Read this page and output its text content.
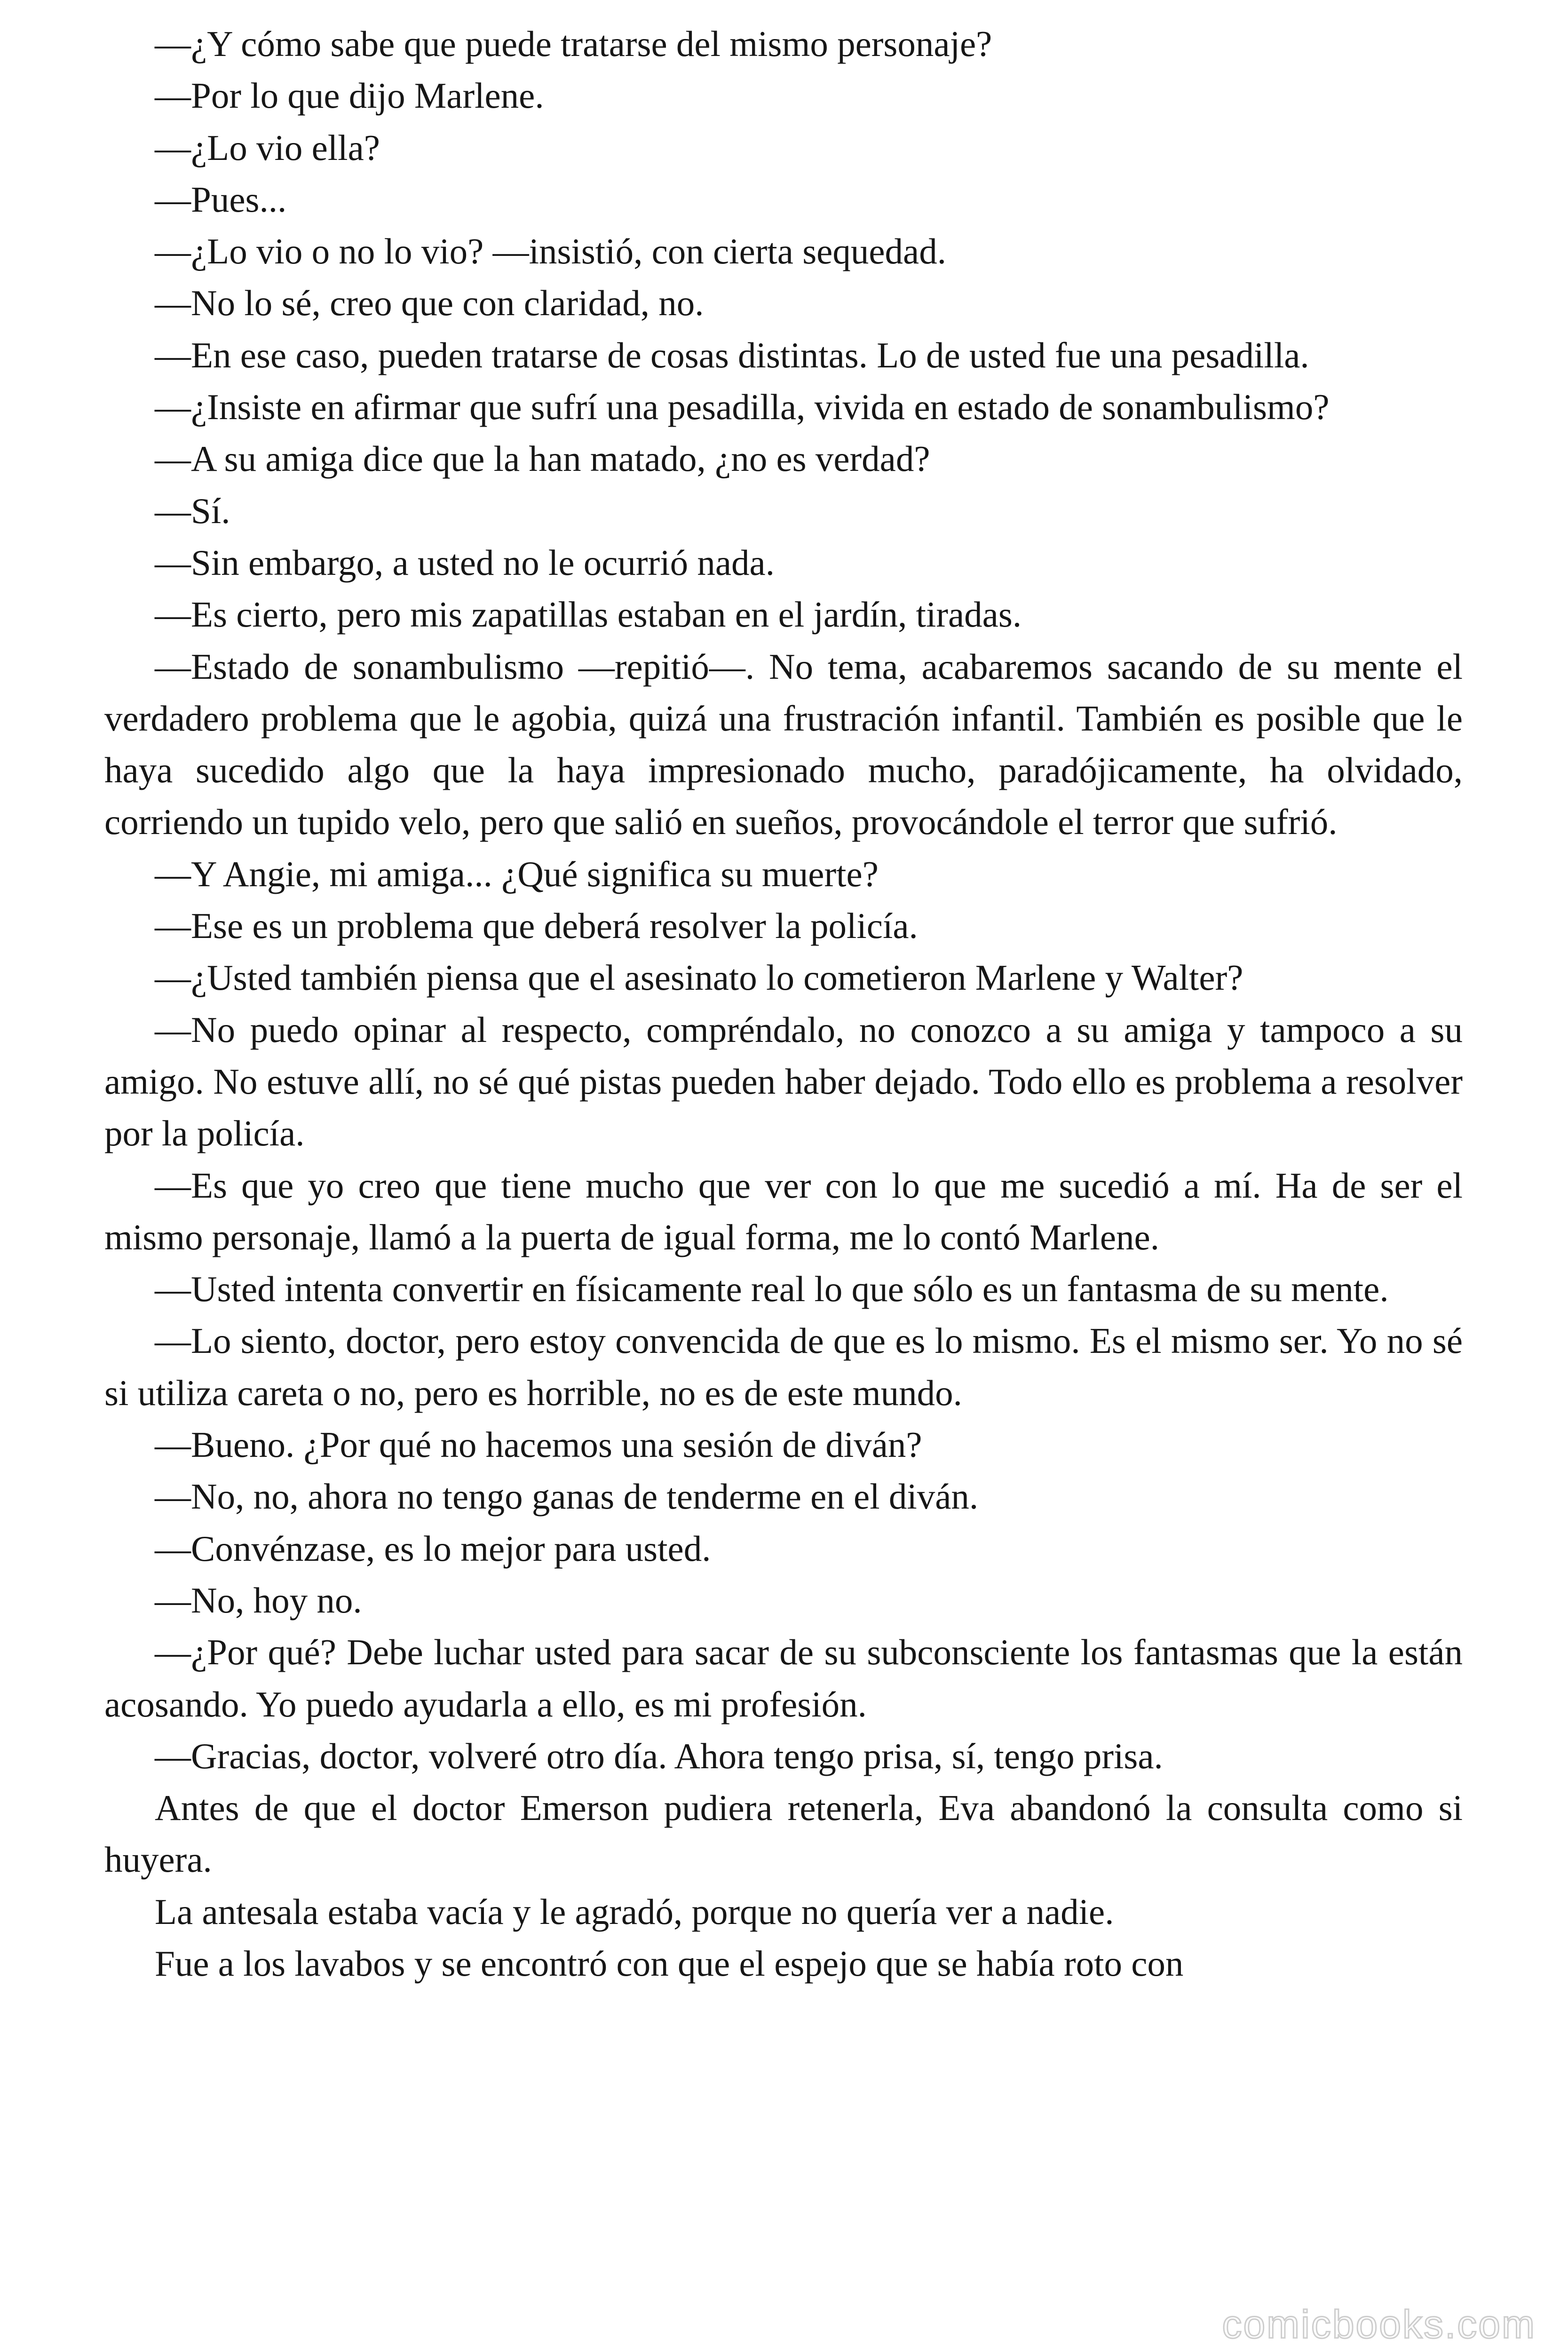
—¿Y cómo sabe que puede tratarse del mismo personaje?

—Por lo que dijo Marlene.

—¿Lo vio ella?

—Pues...

—¿Lo vio o no lo vio? —insistió, con cierta sequedad.

—No lo sé, creo que con claridad, no.

—En ese caso, pueden tratarse de cosas distintas. Lo de usted fue una pesadilla.

—¿Insiste en afirmar que sufrí una pesadilla, vivida en estado de sonambulismo?

—A su amiga dice que la han matado, ¿no es verdad?

—Sí.

—Sin embargo, a usted no le ocurrió nada.

—Es cierto, pero mis zapatillas estaban en el jardín, tiradas.

—Estado de sonambulismo —repitió—. No tema, acabaremos sacando de su mente el verdadero problema que le agobia, quizá una frustración infantil. También es posible que le haya sucedido algo que la haya impresionado mucho, paradójicamente, ha olvidado, corriendo un tupido velo, pero que salió en sueños, provocándole el terror que sufrió.

—Y Angie, mi amiga... ¿Qué significa su muerte?

—Ese es un problema que deberá resolver la policía.

—¿Usted también piensa que el asesinato lo cometieron Marlene y Walter?

—No puedo opinar al respecto, compréndalo, no conozco a su amiga y tampoco a su amigo. No estuve allí, no sé qué pistas pueden haber dejado. Todo ello es problema a resolver por la policía.

—Es que yo creo que tiene mucho que ver con lo que me sucedió a mí. Ha de ser el mismo personaje, llamó a la puerta de igual forma, me lo contó Marlene.

—Usted intenta convertir en físicamente real lo que sólo es un fantasma de su mente.

—Lo siento, doctor, pero estoy convencida de que es lo mismo. Es el mismo ser. Yo no sé si utiliza careta o no, pero es horrible, no es de este mundo.

—Bueno. ¿Por qué no hacemos una sesión de diván?

—No, no, ahora no tengo ganas de tenderme en el diván.

—Convénzase, es lo mejor para usted.

—No, hoy no.

—¿Por qué? Debe luchar usted para sacar de su subconsciente los fantasmas que la están acosando. Yo puedo ayudarla a ello, es mi profesión.

—Gracias, doctor, volveré otro día. Ahora tengo prisa, sí, tengo prisa.

Antes de que el doctor Emerson pudiera retenerla, Eva abandonó la consulta como si huyera.

La antesala estaba vacía y le agradó, porque no quería ver a nadie.

Fue a los lavabos y se encontró con que el espejo que se había roto con

comicbooks.com
